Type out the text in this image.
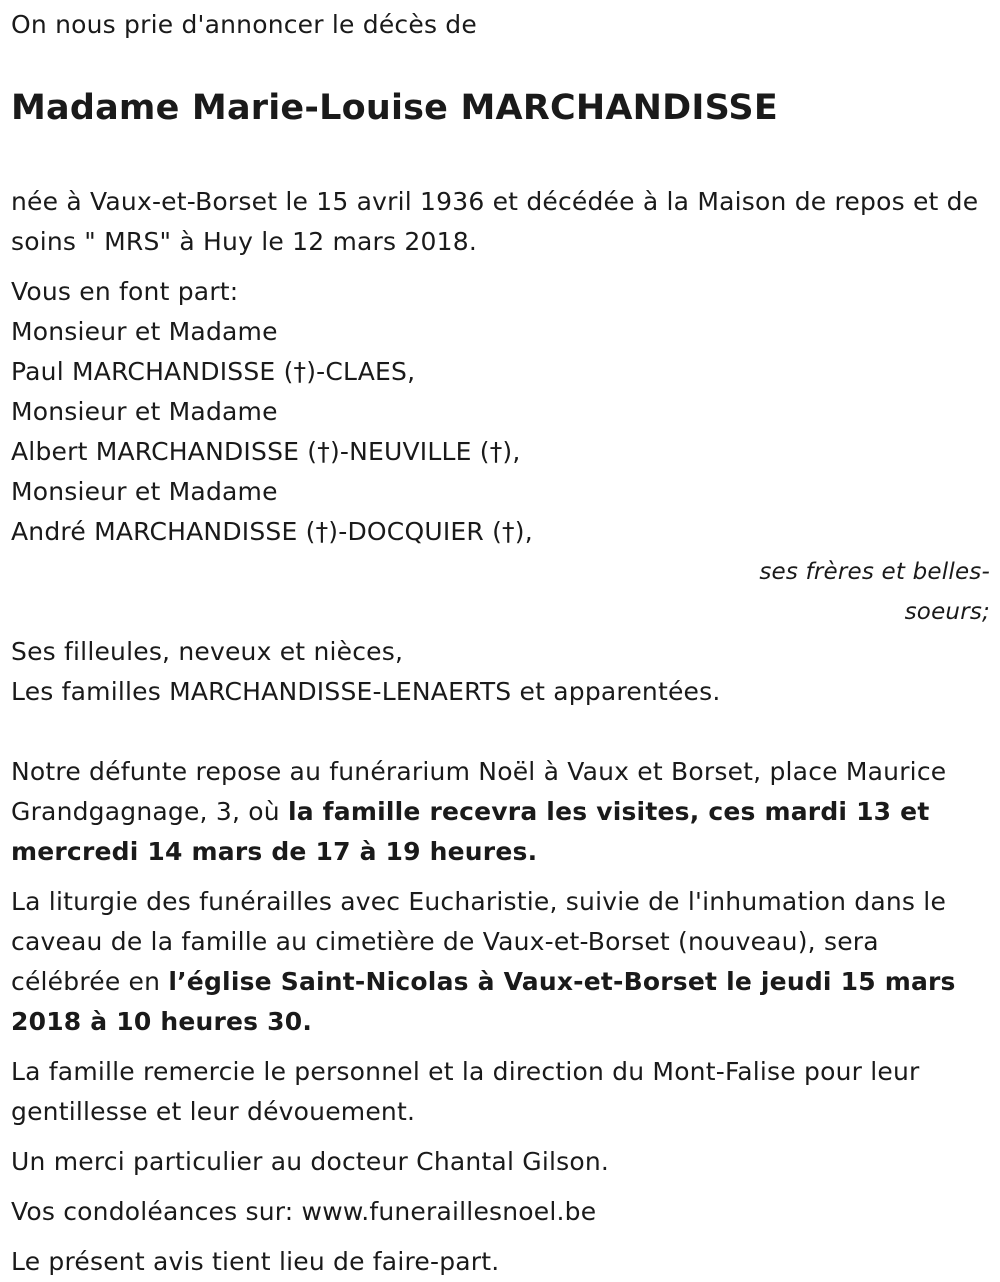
On nous prie d'annoncer le décès de

Madame Marie-Louise MARCHANDISSE

née à Vaux-et-Borset le 15 avril 1936 et décédée à la Maison de repos et de soins " MRS" à Huy le 12 mars 2018.

Vous en font part:

Monsieur et Madame

Paul MARCHANDISSE (†)-CLAES,

Monsieur et Madame

Albert MARCHANDISSE (†)-NEUVILLE (†),

Monsieur et Madame

André MARCHANDISSE (†)-DOCQUIER (†),

ses frères et belles-
soeurs;

Ses filleules, neveux et nièces,

Les familles MARCHANDISSE-LENAERTS et apparentées.

Notre défunte repose au funérarium Noël à Vaux et Borset, place Maurice Grandgagnage, 3, où la famille recevra les visites, ces mardi 13 et mercredi 14 mars de 17 à 19 heures.

La liturgie des funérailles avec Eucharistie, suivie de l'inhumation dans le caveau de la famille au cimetière de Vaux-et-Borset (nouveau), sera célébrée en l’église Saint-Nicolas à Vaux-et-Borset le jeudi 15 mars 2018 à 10 heures 30.

La famille remercie le personnel et la direction du Mont-Falise pour leur gentillesse et leur dévouement.

Un merci particulier au docteur Chantal Gilson.

Vos condoléances sur: www.funeraillesnoel.be

Le présent avis tient lieu de faire-part.
